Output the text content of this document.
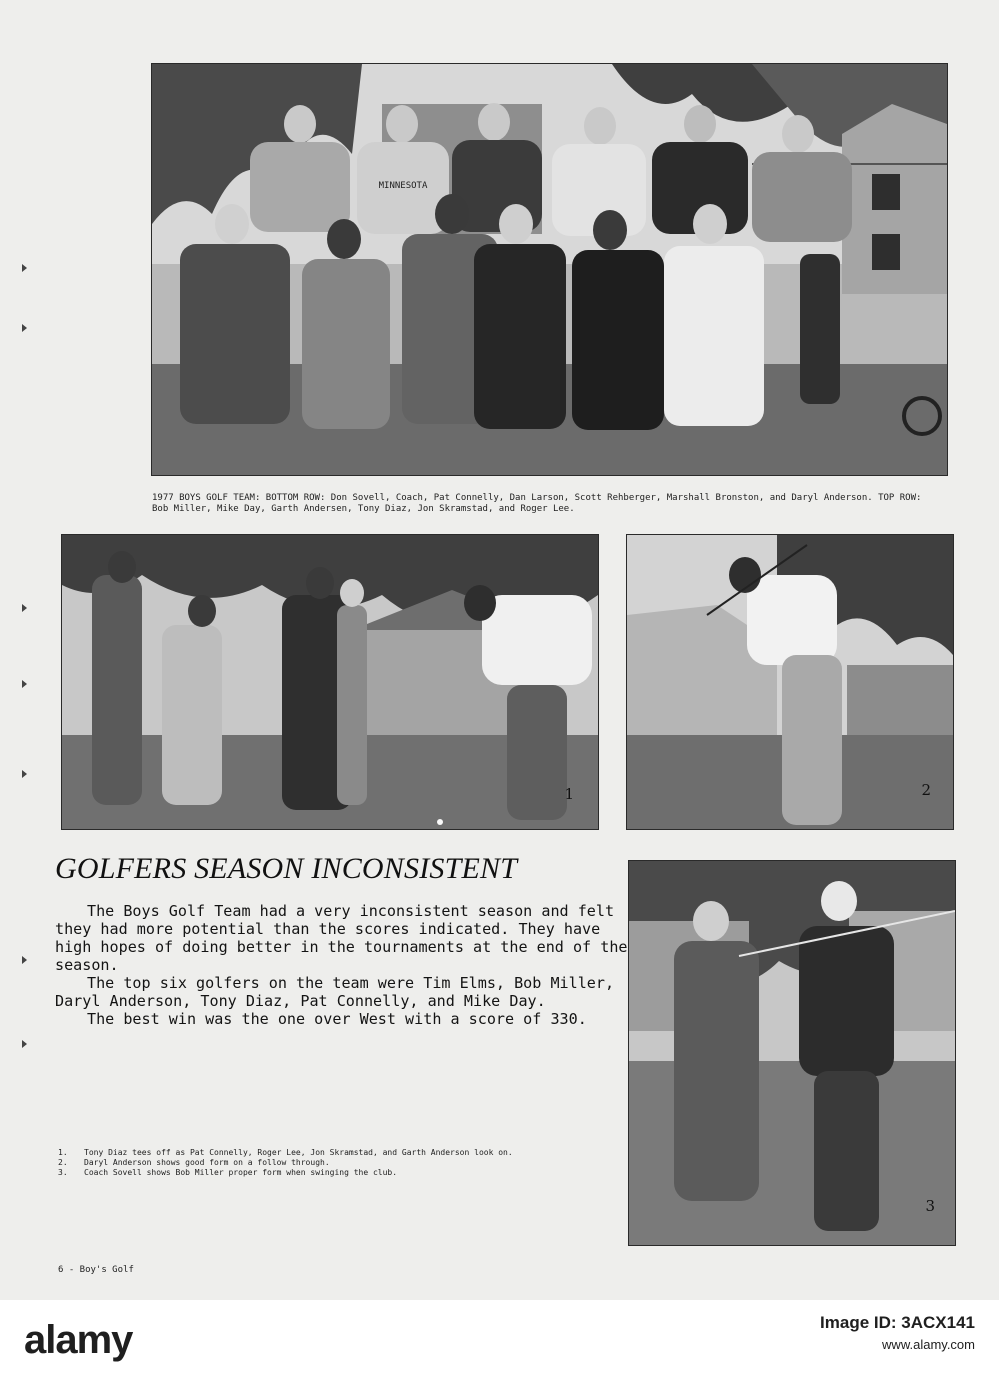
MINNESOTA
1977 BOYS GOLF TEAM: BOTTOM ROW: Don Sovell, Coach, Pat Connelly, Dan Larson, Scott Rehberger, Marshall Bronston, and Daryl Anderson. TOP ROW: Bob Miller, Mike Day, Garth Andersen, Tony Diaz, Jon Skramstad, and Roger Lee.
1	2
3
GOLFERS SEASON INCONSISTENT

The Boys Golf Team had a very inconsistent season and felt they had more potential than the scores indicated. They have high hopes of doing better in the tournaments at the end of the season.

The top six golfers on the team were Tim Elms, Bob Miller, Daryl Anderson, Tony Diaz, Pat Connelly, and Mike Day.

The best win was the one over West with a score of 330.

1.	Tony Diaz tees off as Pat Connelly, Roger Lee, Jon Skramstad, and Garth Anderson look on.
2.	Daryl Anderson shows good form on a follow through.
3.	Coach Sovell shows Bob Miller proper form when swinging the club.
6 - Boy's Golf
alamy	Image ID: 3ACX141
www.alamy.com
